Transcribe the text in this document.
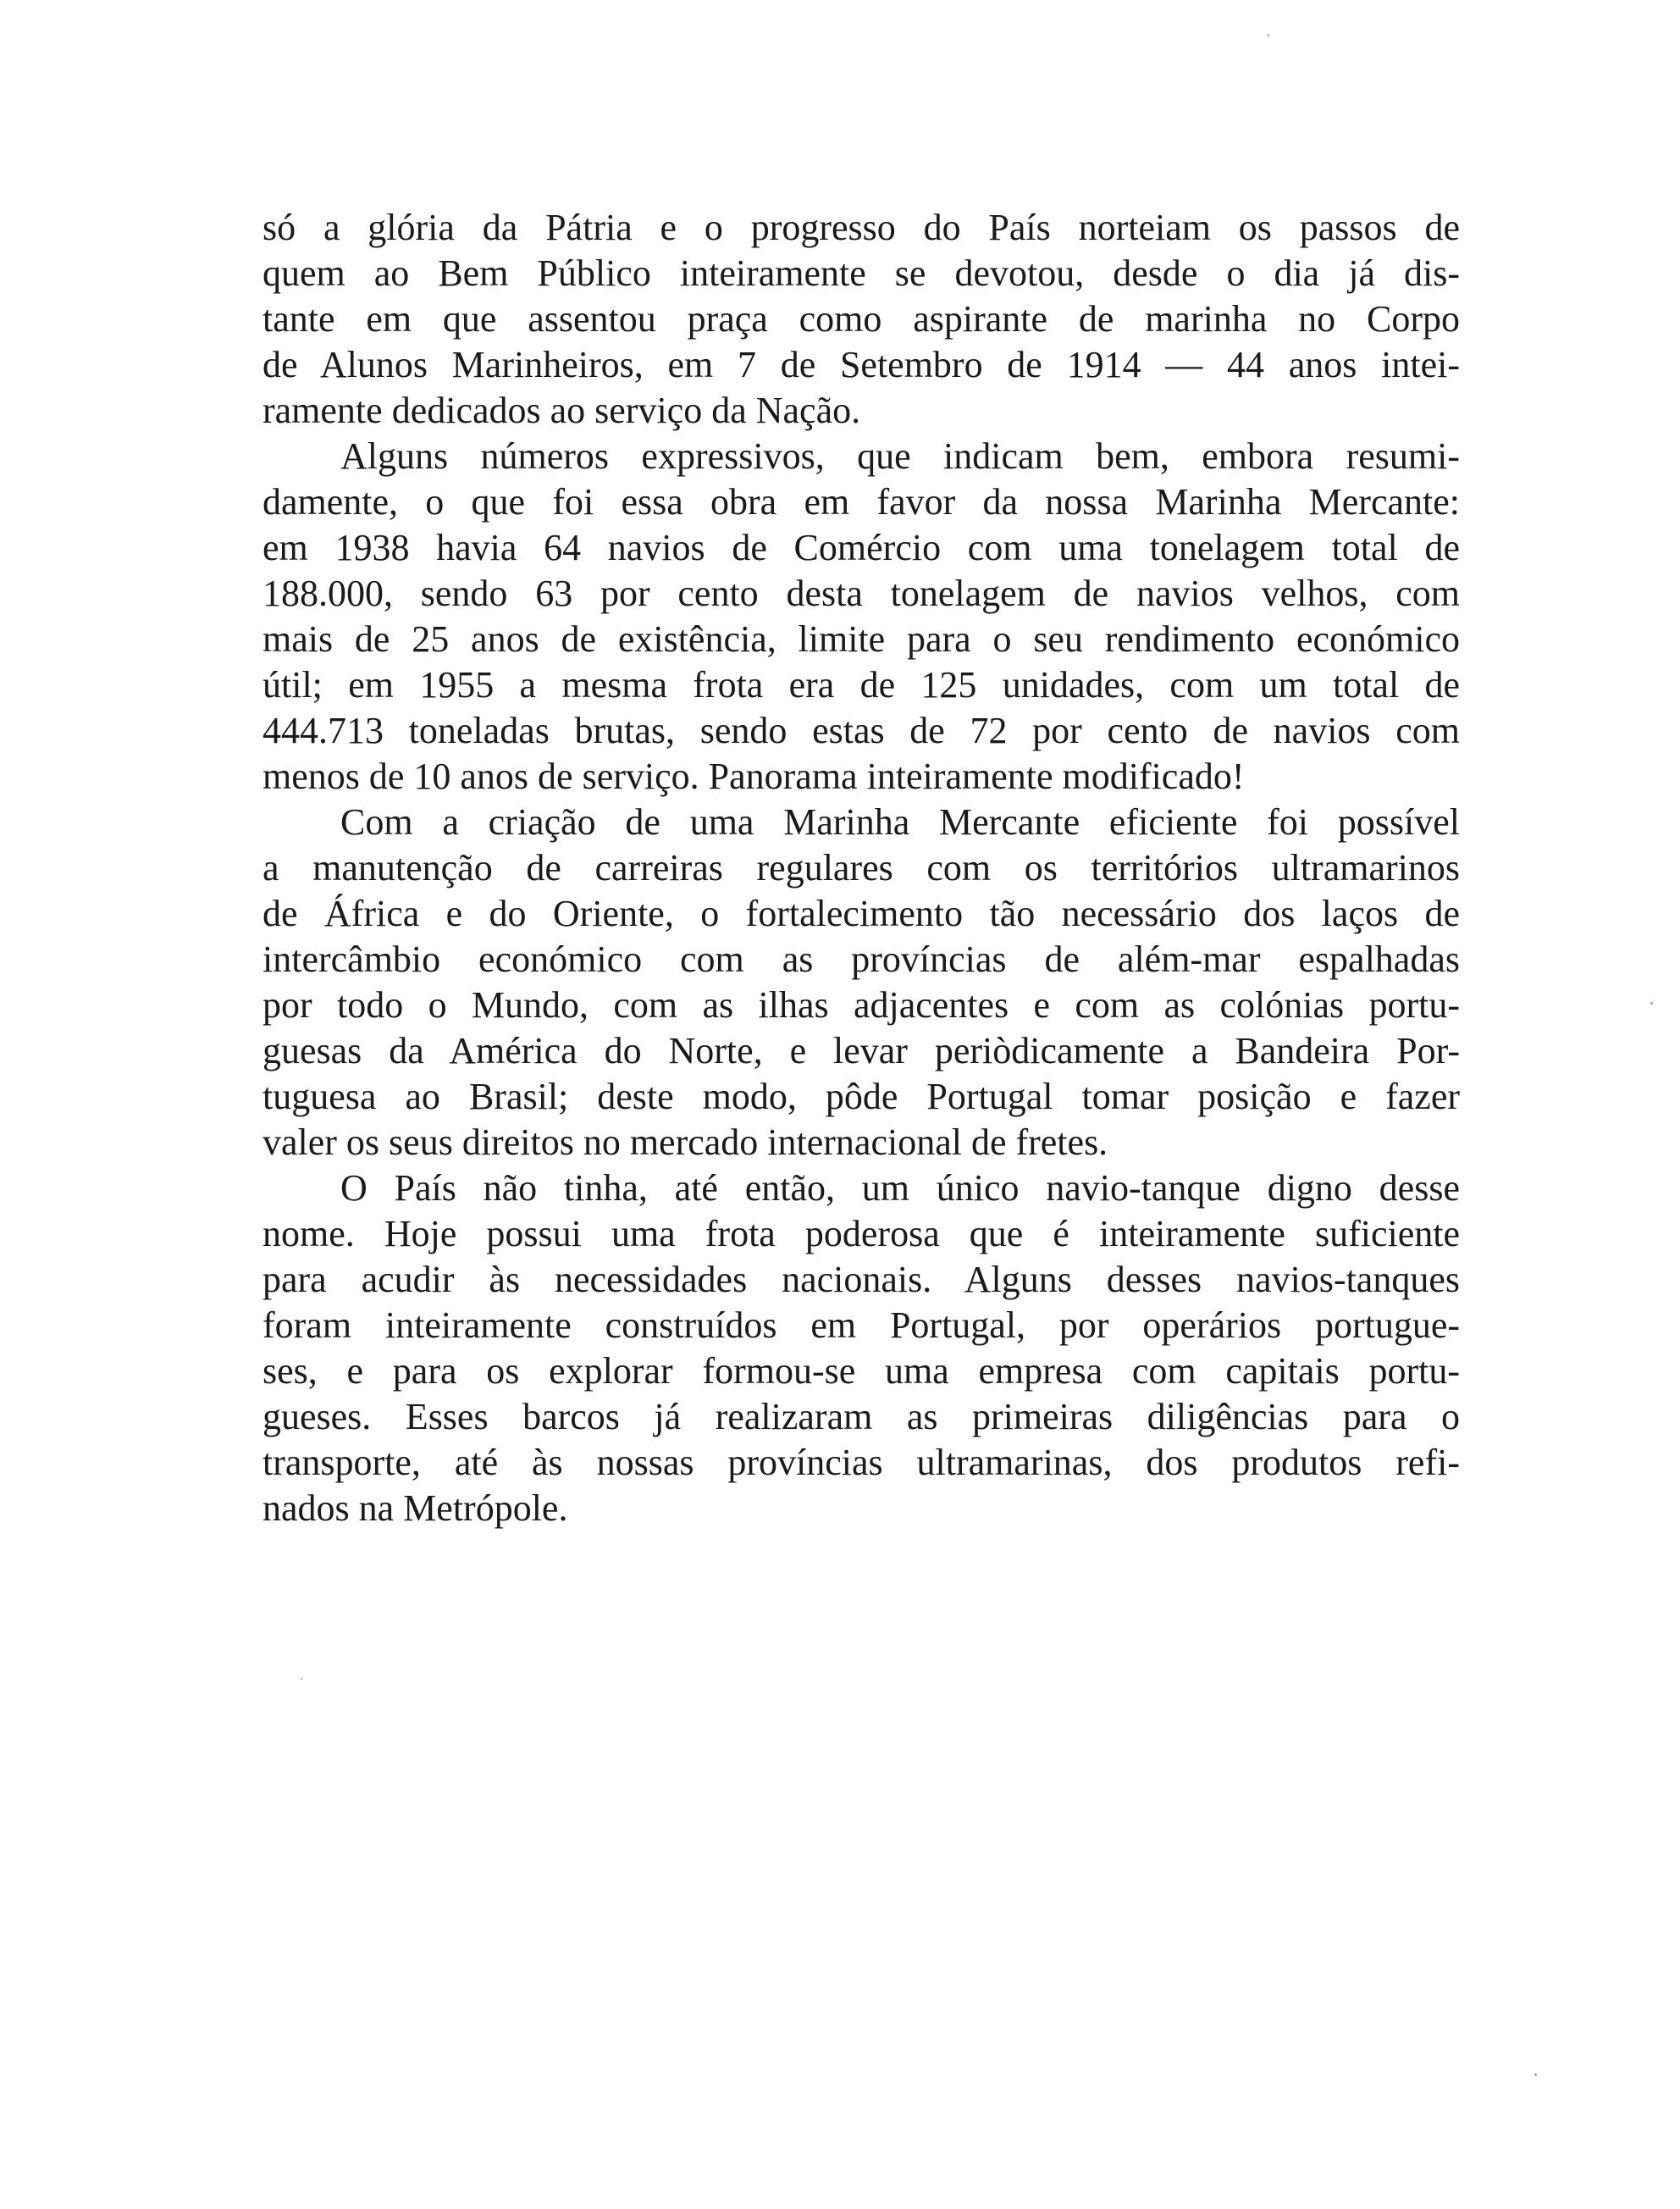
só a glória da Pátria e o progresso do País norteiam os passos de
quem ao Bem Público inteiramente se devotou, desde o dia já dis-
tante em que assentou praça como aspirante de marinha no Corpo
de Alunos Marinheiros, em 7 de Setembro de 1914 — 44 anos intei-
ramente dedicados ao serviço da Nação.
Alguns números expressivos, que indicam bem, embora resumi-
damente, o que foi essa obra em favor da nossa Marinha Mercante:
em 1938 havia 64 navios de Comércio com uma tonelagem total de
188.000, sendo 63 por cento desta tonelagem de navios velhos, com
mais de 25 anos de existência, limite para o seu rendimento económico
útil; em 1955 a mesma frota era de 125 unidades, com um total de
444.713 toneladas brutas, sendo estas de 72 por cento de navios com
menos de 10 anos de serviço. Panorama inteiramente modificado!
Com a criação de uma Marinha Mercante eficiente foi possível
a manutenção de carreiras regulares com os territórios ultramarinos
de África e do Oriente, o fortalecimento tão necessário dos laços de
intercâmbio económico com as províncias de além-mar espalhadas
por todo o Mundo, com as ilhas adjacentes e com as colónias portu-
guesas da América do Norte, e levar periòdicamente a Bandeira Por-
tuguesa ao Brasil; deste modo, pôde Portugal tomar posição e fazer
valer os seus direitos no mercado internacional de fretes.
O País não tinha, até então, um único navio-tanque digno desse
nome. Hoje possui uma frota poderosa que é inteiramente suficiente
para acudir às necessidades nacionais. Alguns desses navios-tanques
foram inteiramente construídos em Portugal, por operários portugue-
ses, e para os explorar formou-se uma empresa com capitais portu-
gueses. Esses barcos já realizaram as primeiras diligências para o
transporte, até às nossas províncias ultramarinas, dos produtos refi-
nados na Metrópole.
